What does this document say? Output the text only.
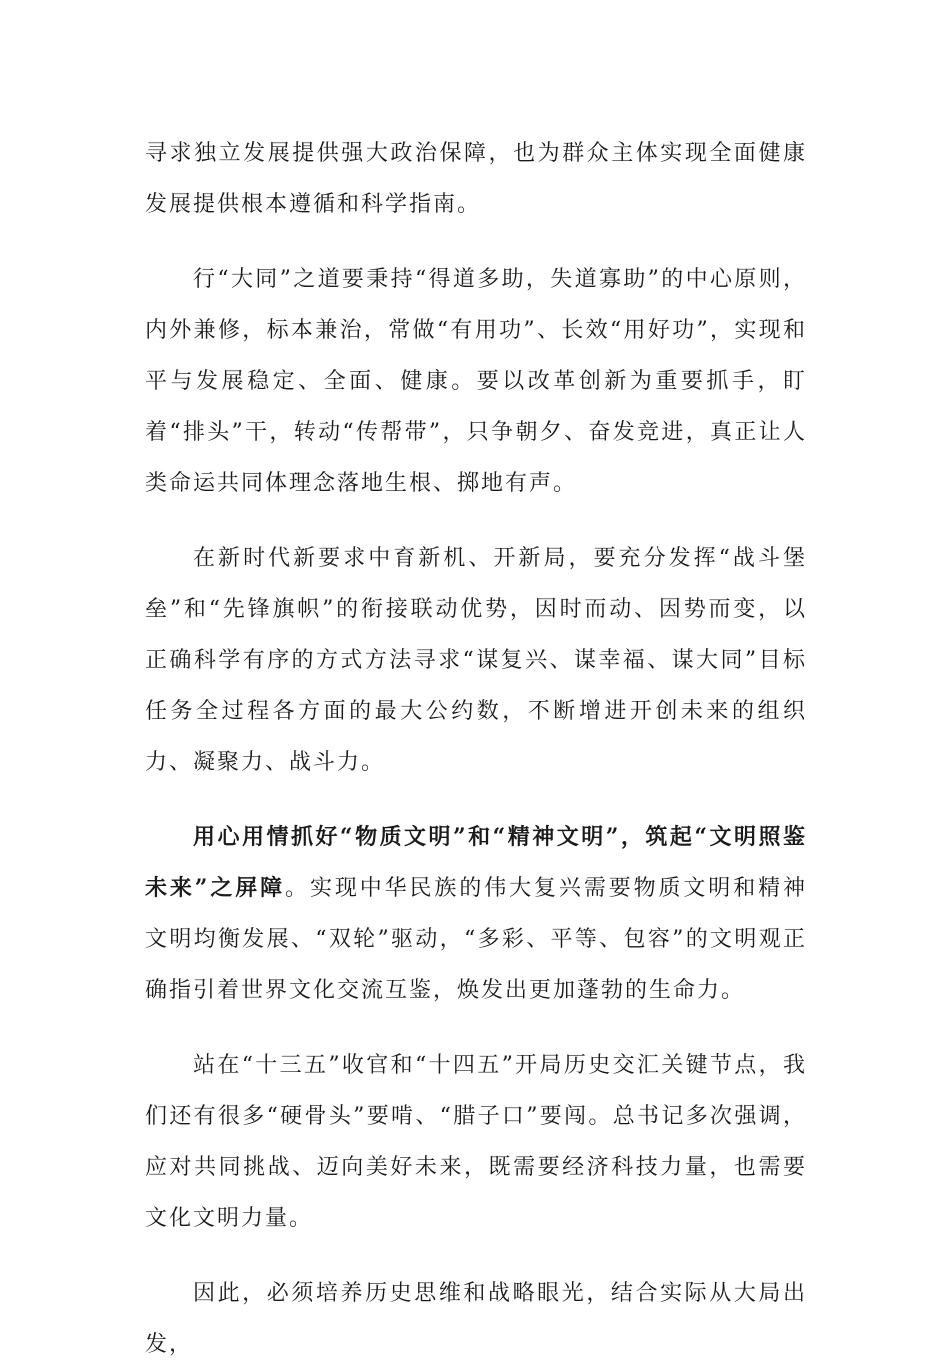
寻求独立发展提供强大政治保障，也为群众主体实现全面健康发展提供根本遵循和科学指南。

行“大同”之道要秉持“得道多助，失道寡助”的中心原则，内外兼修，标本兼治，常做“有用功”、长效“用好功”，实现和平与发展稳定、全面、健康。要以改革创新为重要抓手，盯着“排头”干，转动“传帮带”，只争朝夕、奋发竞进，真正让人类命运共同体理念落地生根、掷地有声。

在新时代新要求中育新机、开新局，要充分发挥“战斗堡垒”和“先锋旗帜”的衔接联动优势，因时而动、因势而变，以正确科学有序的方式方法寻求“谋复兴、谋幸福、谋大同”目标任务全过程各方面的最大公约数，不断增进开创未来的组织力、凝聚力、战斗力。

用心用情抓好“物质文明”和“精神文明”，筑起“文明照鉴未来”之屏障。实现中华民族的伟大复兴需要物质文明和精神文明均衡发展、“双轮”驱动，“多彩、平等、包容”的文明观正确指引着世界文化交流互鉴，焕发出更加蓬勃的生命力。

站在“十三五”收官和“十四五”开局历史交汇关键节点，我们还有很多“硬骨头”要啃、“腊子口”要闯。总书记多次强调，应对共同挑战、迈向美好未来，既需要经济科技力量，也需要文化文明力量。

因此，必须培养历史思维和战略眼光，结合实际从大局出发，
